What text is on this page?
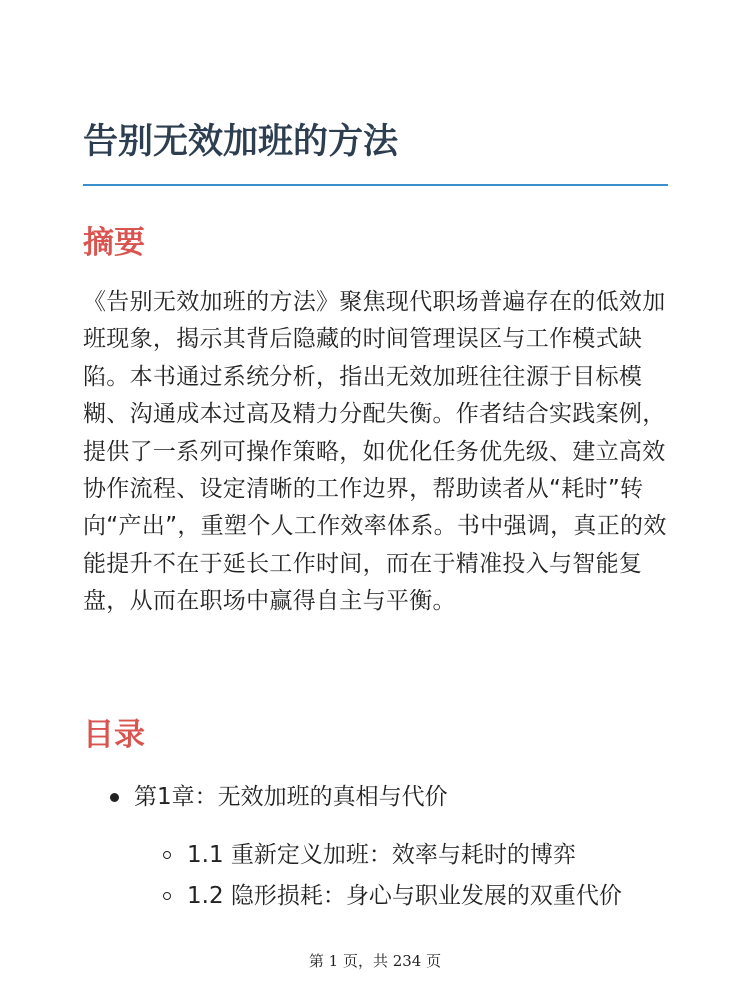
告别无效加班的方法
摘要

《告别无效加班的方法》聚焦现代职场普遍存在的低效加班现象，揭示其背后隐藏的时间管理误区与工作模式缺陷。本书通过系统分析，指出无效加班往往源于目标模糊、沟通成本过高及精力分配失衡。作者结合实践案例，提供了一系列可操作策略，如优化任务优先级、建立高效协作流程、设定清晰的工作边界，帮助读者从“耗时”转向“产出”，重塑个人工作效率体系。书中强调，真正的效能提升不在于延长工作时间，而在于精准投入与智能复盘，从而在职场中赢得自主与平衡。

目录
第1章：无效加班的真相与代价
1.1 重新定义加班：效率与耗时的博弈
1.2 隐形损耗：身心与职业发展的双重代价
第 1 页，共 234 页
